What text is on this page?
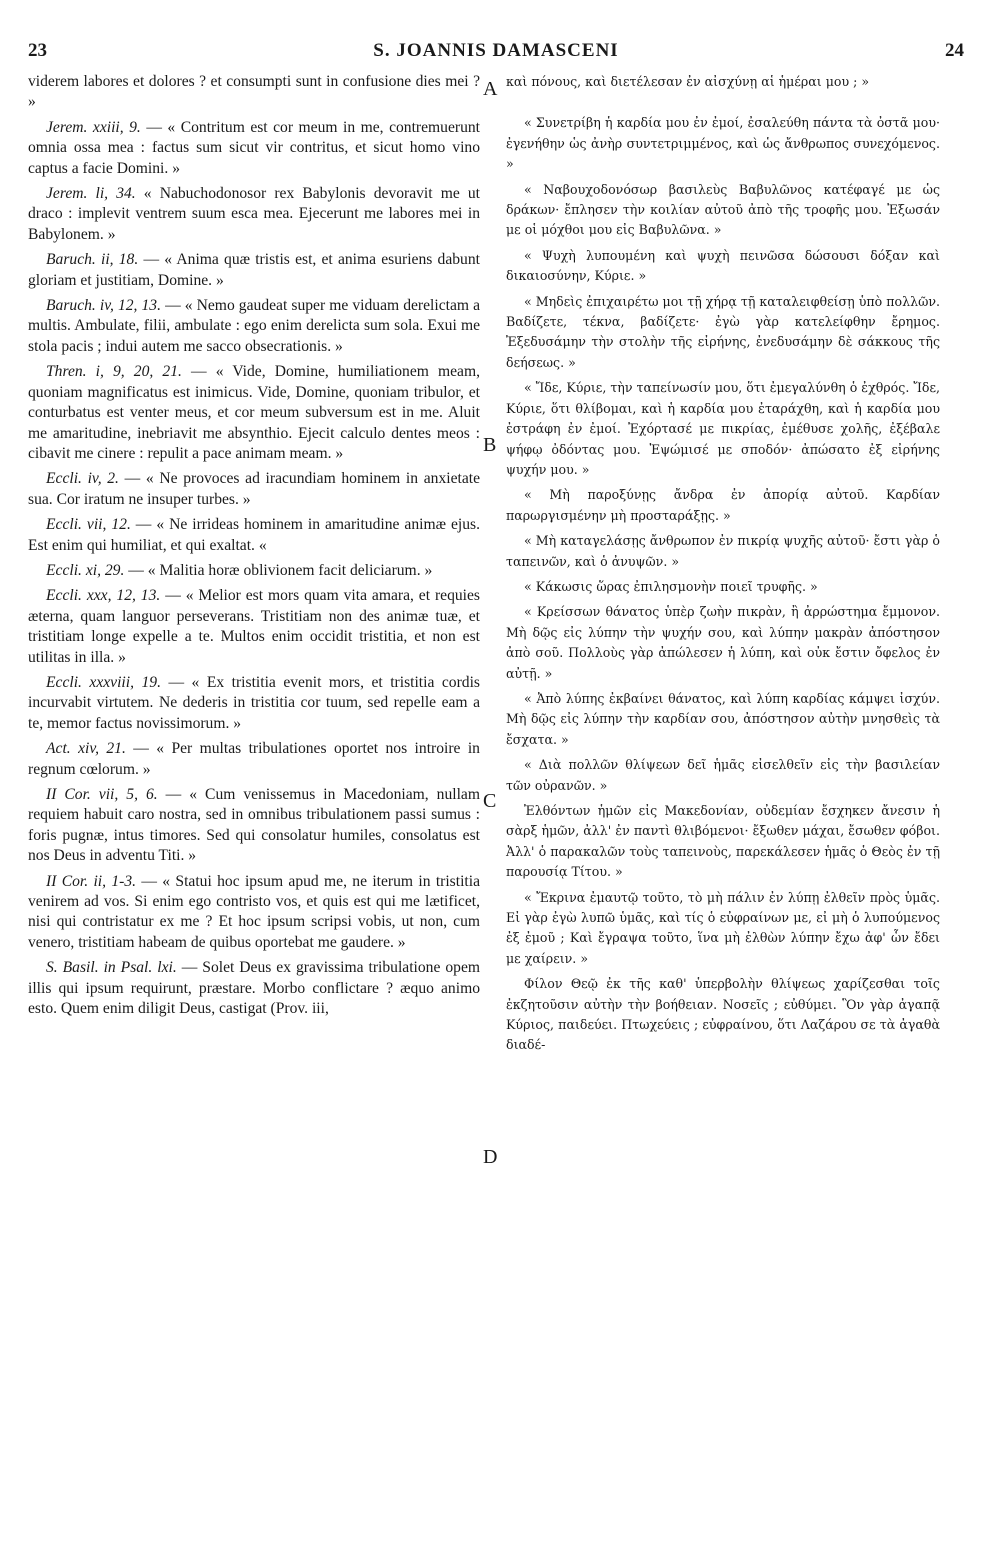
23	S. JOANNIS DAMASCENI	24

viderem labores et dolores ? et consumpti sunt in confusione dies mei ? »

Jerem. xxiii, 9. — « Contritum est cor meum in me, contremuerunt omnia ossa mea : factus sum sicut vir contritus, et sicut homo vino captus a facie Domini. »

Jerem. li, 34. « Nabuchodonosor rex Babylonis devoravit me ut draco : implevit ventrem suum esca mea. Ejecerunt me labores mei in Babylonem. »

Baruch. ii, 18. — « Anima quæ tristis est, et anima esuriens dabunt gloriam et justitiam, Domine. »

Baruch. iv, 12, 13. — « Nemo gaudeat super me viduam derelictam a multis. Ambulate, filii, ambulate : ego enim derelicta sum sola. Exui me stola pacis ; indui autem me sacco obsecrationis. »

Thren. i, 9, 20, 21. — « Vide, Domine, humiliationem meam, quoniam magnificatus est inimicus. Vide, Domine, quoniam tribulor, et conturbatus est venter meus, et cor meum subversum est in me. Aluit me amaritudine, inebriavit me absynthio. Ejecit calculo dentes meos : cibavit me cinere : repulit a pace animam meam. »

Eccli. iv, 2. — « Ne provoces ad iracundiam hominem in anxietate sua. Cor iratum ne insuper turbes. »

Eccli. vii, 12. — « Ne irrideas hominem in amaritudine animæ ejus. Est enim qui humiliat, et qui exaltat. «

Eccli. xi, 29. — « Malitia horæ oblivionem facit deliciarum. »

Eccli. xxx, 12, 13. — « Melior est mors quam vita amara, et requies æterna, quam languor perseverans. Tristitiam non des animæ tuæ, et tristitiam longe expelle a te. Multos enim occidit tristitia, et non est utilitas in illa. »

Eccli. xxxviii, 19. — « Ex tristitia evenit mors, et tristitia cordis incurvabit virtutem. Ne dederis in tristitia cor tuum, sed repelle eam a te, memor factus novissimorum. »

Act. xiv, 21. — « Per multas tribulationes oportet nos introire in regnum cœlorum. »

II Cor. vii, 5, 6. — « Cum venissemus in Macedoniam, nullam requiem habuit caro nostra, sed in omnibus tribulationem passi sumus : foris pugnæ, intus timores. Sed qui consolatur humiles, consolatus est nos Deus in adventu Titi. »

II Cor. ii, 1-3. — « Statui hoc ipsum apud me, ne iterum in tristitia venirem ad vos. Si enim ego contristo vos, et quis est qui me lætificet, nisi qui contristatur ex me ? Et hoc ipsum scripsi vobis, ut non, cum venero, tristitiam habeam de quibus oportebat me gaudere. »

S. Basil. in Psal. lxi. — Solet Deus ex gravissima tribulatione opem illis qui ipsum requirunt, præstare. Morbo conflictare ? æquo animo esto. Quem enim diligit Deus, castigat (Prov. iii,

καὶ πόνους, καὶ διετέλεσαν ἐν αἰσχύνῃ αἱ ἡμέραι μου ; »

« Συνετρίβη ἡ καρδία μου ἐν ἐμοί, ἐσαλεύθη πάντα τὰ ὀστᾶ μου· ἐγενήθην ὡς ἀνὴρ συντετριμμένος, καὶ ὡς ἄνθρωπος συνεχόμενος. »

« Ναβουχοδονόσωρ βασιλεὺς Βαβυλῶνος κατέφαγέ με ὡς δράκων· ἔπλησεν τὴν κοιλίαν αὐτοῦ ἀπὸ τῆς τροφῆς μου. Ἐξωσάν με οἱ μόχθοι μου εἰς Βαβυλῶνα. »

« Ψυχὴ λυπουμένη καὶ ψυχὴ πεινῶσα δώσουσι δόξαν καὶ δικαιοσύνην, Κύριε. »

« Μηδεὶς ἐπιχαιρέτω μοι τῇ χήρᾳ τῇ καταλειφθείσῃ ὑπὸ πολλῶν. Βαδίζετε, τέκνα, βαδίζετε· ἐγὼ γὰρ κατελείφθην ἔρημος. Ἐξεδυσάμην τὴν στολὴν τῆς εἰρήνης, ἐνεδυσάμην δὲ σάκκους τῆς δεήσεως. »

« Ἴδε, Κύριε, τὴν ταπείνωσίν μου, ὅτι ἐμεγαλύνθη ὁ ἐχθρός. Ἴδε, Κύριε, ὅτι θλίβομαι, καὶ ἡ καρδία μου ἐταράχθη, καὶ ἡ καρδία μου ἐστράφη ἐν ἐμοί. Ἐχόρτασέ με πικρίας, ἐμέθυσε χολῆς, ἐξέβαλε ψήφῳ ὀδόντας μου. Ἐψώμισέ με σποδόν· ἀπώσατο ἐξ εἰρήνης ψυχήν μου. »

« Μὴ παροξύνῃς ἄνδρα ἐν ἀπορίᾳ αὐτοῦ. Καρδίαν παρωργισμένην μὴ προσταράξῃς. »

« Μὴ καταγελάσῃς ἄνθρωπον ἐν πικρίᾳ ψυχῆς αὐτοῦ· ἔστι γὰρ ὁ ταπεινῶν, καὶ ὁ ἀνυψῶν. »

« Κάκωσις ὥρας ἐπιλησμονὴν ποιεῖ τρυφῆς. »

« Κρείσσων θάνατος ὑπὲρ ζωὴν πικρὰν, ἢ ἀρρώστημα ἔμμονον. Μὴ δῷς εἰς λύπην τὴν ψυχήν σου, καὶ λύπην μακρὰν ἀπόστησον ἀπὸ σοῦ. Πολλοὺς γὰρ ἀπώλεσεν ἡ λύπη, καὶ οὐκ ἔστιν ὄφελος ἐν αὐτῇ. »

« Ἀπὸ λύπης ἐκβαίνει θάνατος, καὶ λύπη καρδίας κάμψει ἰσχύν. Μὴ δῷς εἰς λύπην τὴν καρδίαν σου, ἀπόστησον αὐτὴν μνησθεὶς τὰ ἔσχατα. »

« Διὰ πολλῶν θλίψεων δεῖ ἡμᾶς εἰσελθεῖν εἰς τὴν βασιλείαν τῶν οὐρανῶν. »

Ἐλθόντων ἡμῶν εἰς Μακεδονίαν, οὐδεμίαν ἔσχηκεν ἄνεσιν ἡ σὰρξ ἡμῶν, ἀλλ' ἐν παντὶ θλιβόμενοι· ἔξωθεν μάχαι, ἔσωθεν φόβοι. Ἀλλ' ὁ παρακαλῶν τοὺς ταπεινοὺς, παρεκάλεσεν ἡμᾶς ὁ Θεὸς ἐν τῇ παρουσίᾳ Τίτου. »

« Ἔκρινα ἐμαυτῷ τοῦτο, τὸ μὴ πάλιν ἐν λύπῃ ἐλθεῖν πρὸς ὑμᾶς. Εἰ γὰρ ἐγὼ λυπῶ ὑμᾶς, καὶ τίς ὁ εὐφραίνων με, εἰ μὴ ὁ λυπούμενος ἐξ ἐμοῦ ; Καὶ ἔγραψα τοῦτο, ἵνα μὴ ἐλθὼν λύπην ἔχω ἀφ' ὧν ἔδει με χαίρειν. »

Φίλον Θεῷ ἐκ τῆς καθ' ὑπερβολὴν θλίψεως χαρίζεσθαι τοῖς ἐκζητοῦσιν αὐτὴν τὴν βοήθειαν. Νοσεῖς ; εὐθύμει. Ὃν γὰρ ἀγαπᾷ Κύριος, παιδεύει. Πτωχεύεις ; εὐφραίνου, ὅτι Λαζάρου σε τὰ ἀγαθὰ διαδέ-

A
B
C
D
